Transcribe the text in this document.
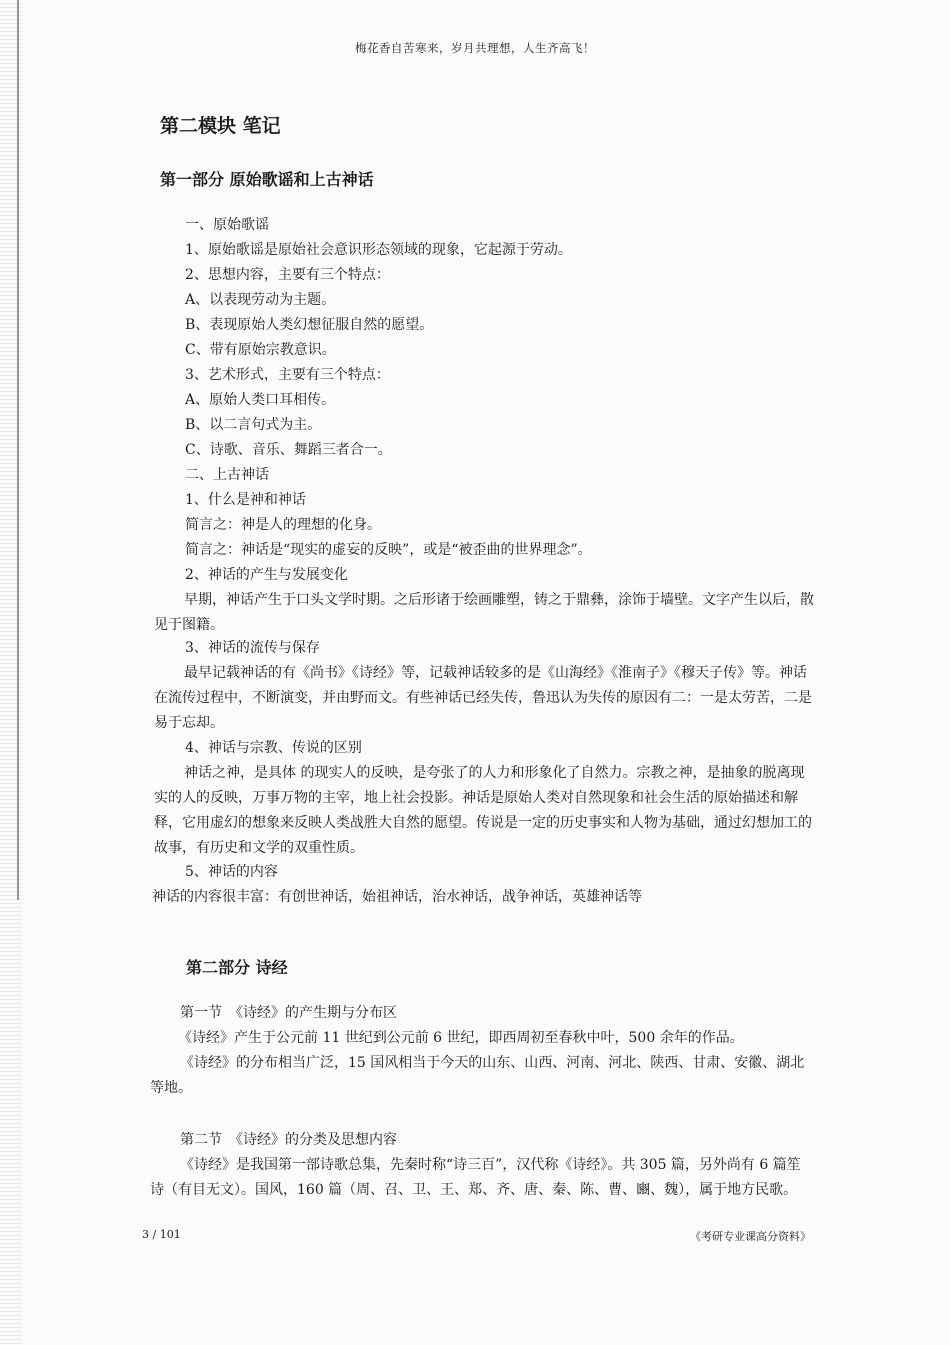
梅花香自苦寒来，岁月共理想，人生齐高飞！
第二模块 笔记
第一部分 原始歌谣和上古神话
一、原始歌谣
1、原始歌谣是原始社会意识形态领域的现象，它起源于劳动。
2、思想内容，主要有三个特点：
A、以表现劳动为主题。
B、表现原始人类幻想征服自然的愿望。
C、带有原始宗教意识。
3、艺术形式，主要有三个特点：
A、原始人类口耳相传。
B、以二言句式为主。
C、诗歌、音乐、舞蹈三者合一。
二、上古神话
1、什么是神和神话
简言之：神是人的理想的化身。
简言之：神话是“现实的虚妄的反映”，或是“被歪曲的世界理念”。
2、神话的产生与发展变化
早期，神话产生于口头文学时期。之后形诸于绘画雕塑，铸之于鼎彝，涂饰于墙壁。文字产生以后，散见于图籍。
3、神话的流传与保存
最早记载神话的有《尚书》《诗经》等，记载神话较多的是《山海经》《淮南子》《穆天子传》等。神话在流传过程中，不断演变，并由野而文。有些神话已经失传，鲁迅认为失传的原因有二：一是太劳苦，二是易于忘却。
4、神话与宗教、传说的区别
神话之神，是具体 的现实人的反映，是夸张了的人力和形象化了自然力。宗教之神，是抽象的脱离现实的人的反映，万事万物的主宰，地上社会投影。神话是原始人类对自然现象和社会生活的原始描述和解释，它用虚幻的想象来反映人类战胜大自然的愿望。传说是一定的历史事实和人物为基础，通过幻想加工的故事，有历史和文学的双重性质。
5、神话的内容
神话的内容很丰富：有创世神话，始祖神话，治水神话，战争神话，英雄神话等
第二部分 诗经
第一节　《诗经》的产生期与分布区
《诗经》产生于公元前 11 世纪到公元前 6 世纪，即西周初至春秋中叶，500 余年的作品。
《诗经》的分布相当广泛，15 国风相当于今天的山东、山西、河南、河北、陕西、甘肃、安徽、湖北等地。
第二节　《诗经》的分类及思想内容
《诗经》是我国第一部诗歌总集，先秦时称“诗三百”，汉代称《诗经》。共 305 篇，另外尚有 6 篇笙诗（有目无文）。国风，160 篇（周、召、卫、王、郑、齐、唐、秦、陈、曹、豳、魏），属于地方民歌。
3 / 101	《考研专业课高分资料》
